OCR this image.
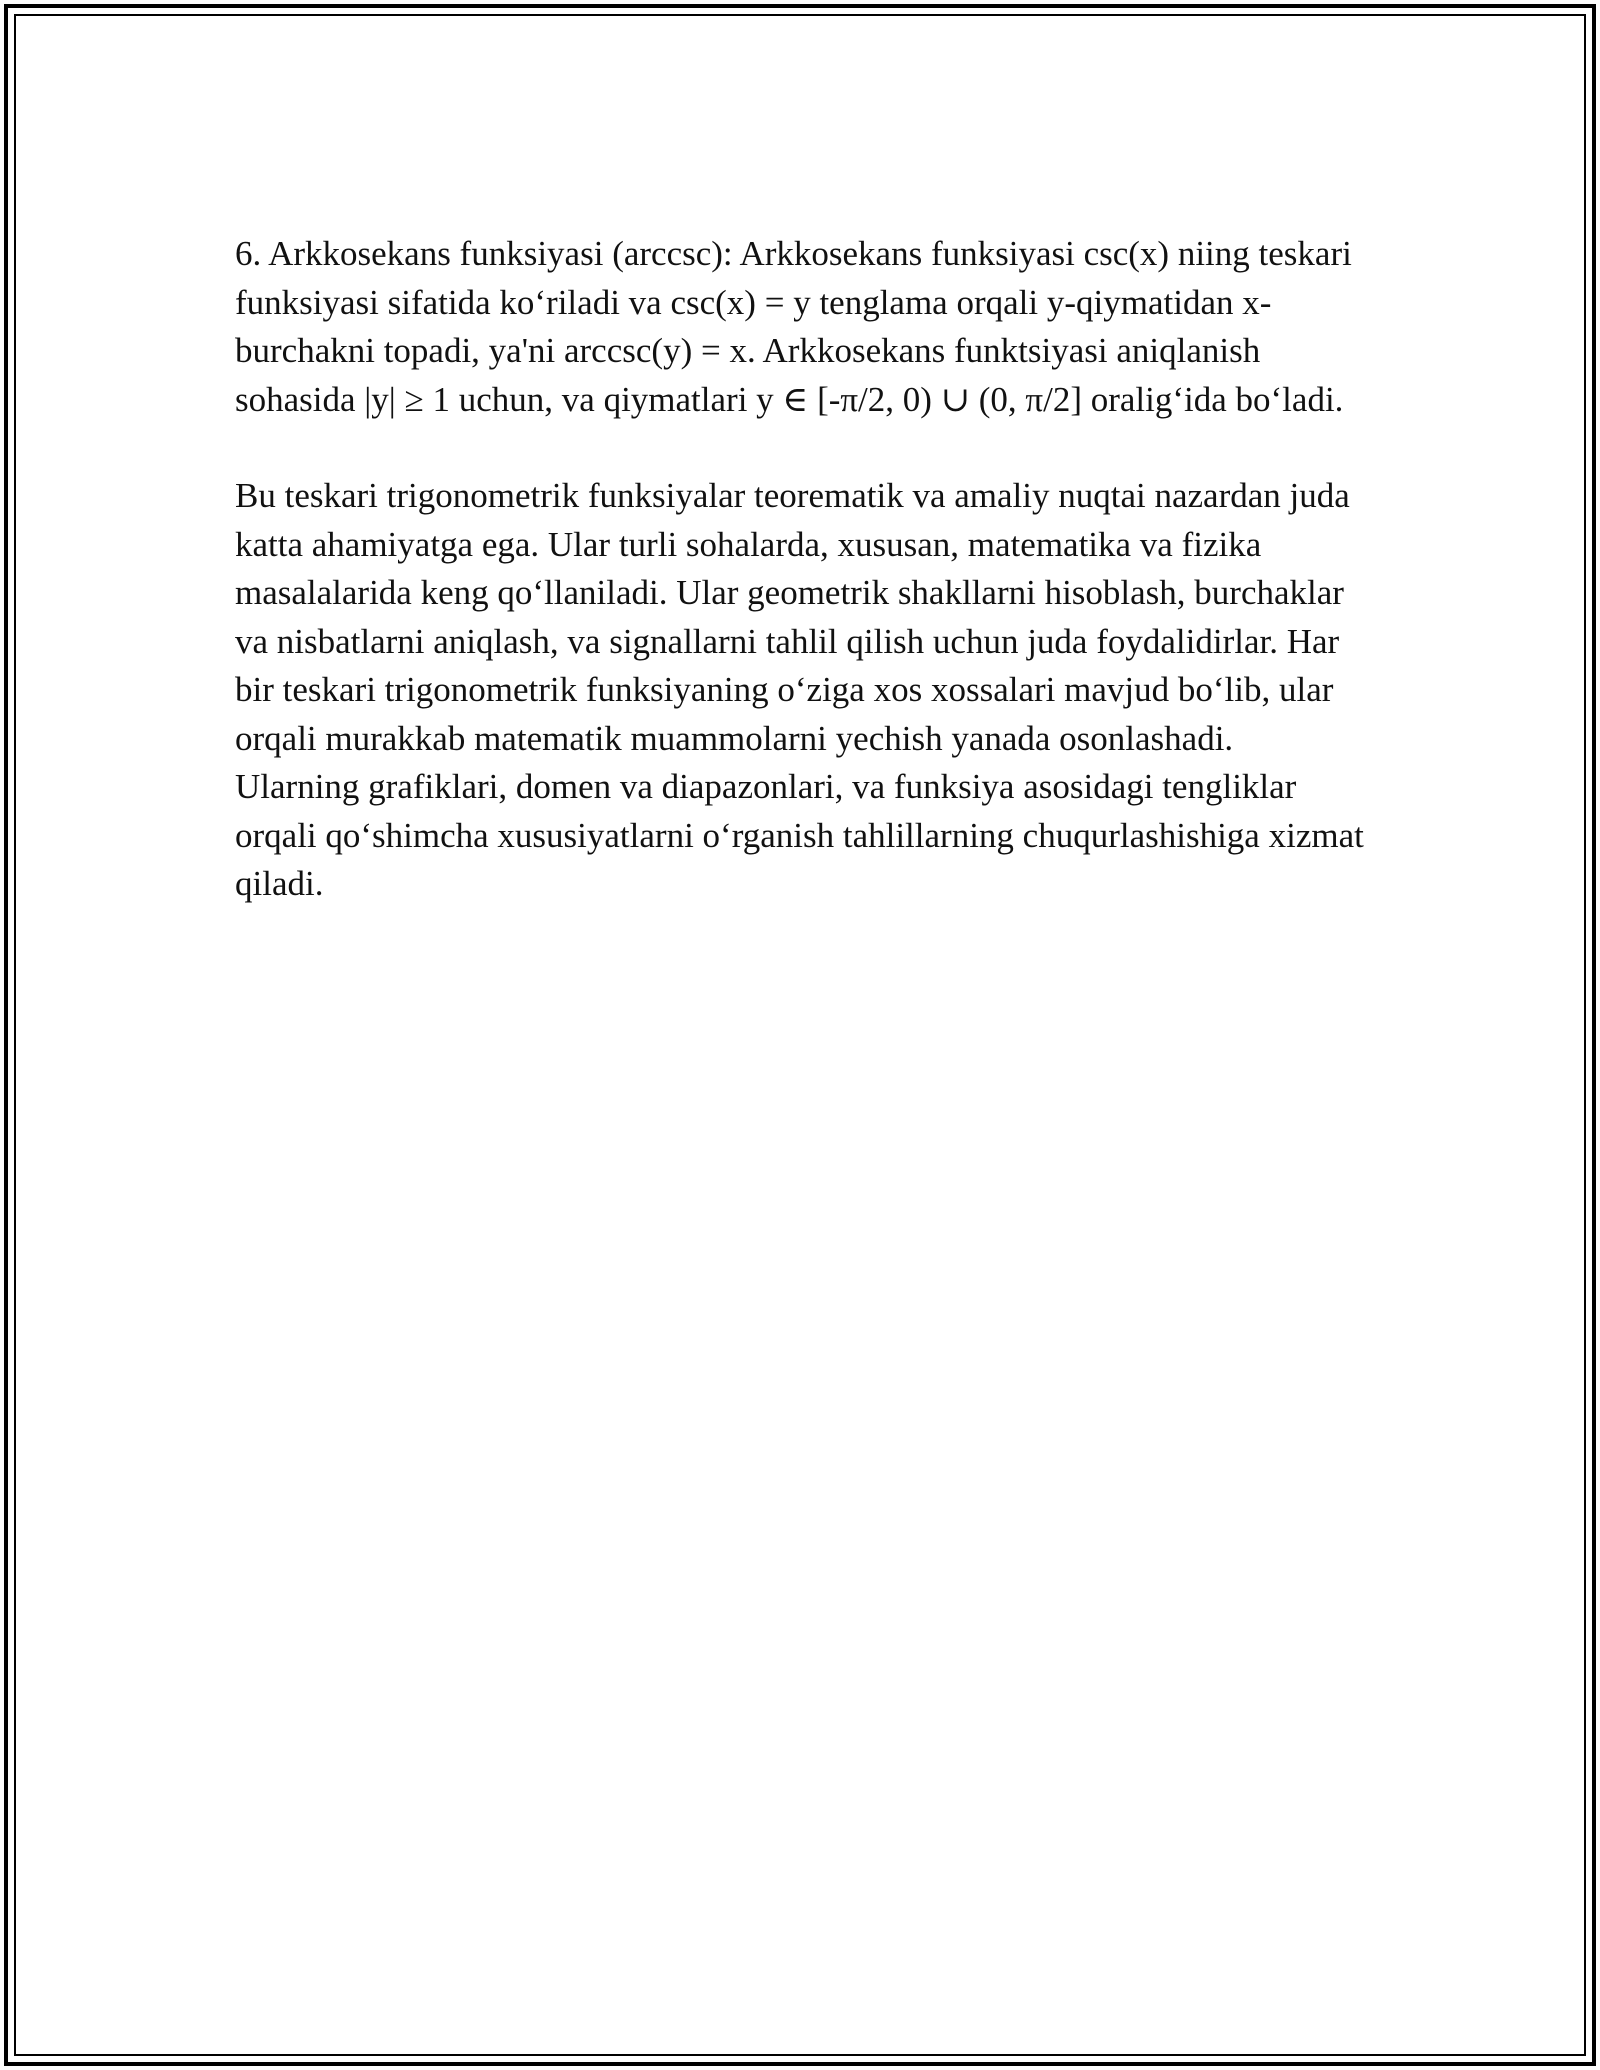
6. Arkkosekans funksiyasi (arccsc): Arkkosekans funksiyasi csc(x) niing teskari funksiyasi sifatida ko‘riladi va csc(x) = y tenglama orqali y-qiymatidan x-burchakni topadi, ya'ni arccsc(y) = x. Arkkosekans funktsiyasi aniqlanish sohasida |y| ≥ 1 uchun, va qiymatlari y ∈ [-π/2, 0) ∪ (0, π/2] oralig‘ida bo‘ladi.

Bu teskari trigonometrik funksiyalar teorematik va amaliy nuqtai nazardan juda katta ahamiyatga ega. Ular turli sohalarda, xususan, matematika va fizika masalalarida keng qo‘llaniladi. Ular geometrik shakllarni hisoblash, burchaklar va nisbatlarni aniqlash, va signallarni tahlil qilish uchun juda foydalidirlar. Har bir teskari trigonometrik funksiyaning o‘ziga xos xossalari mavjud bo‘lib, ular orqali murakkab matematik muammolarni yechish yanada osonlashadi. Ularning grafiklari, domen va diapazonlari, va funksiya asosidagi tengliklar orqali qo‘shimcha xususiyatlarni o‘rganish tahlillarning chuqurlashishiga xizmat qiladi.
